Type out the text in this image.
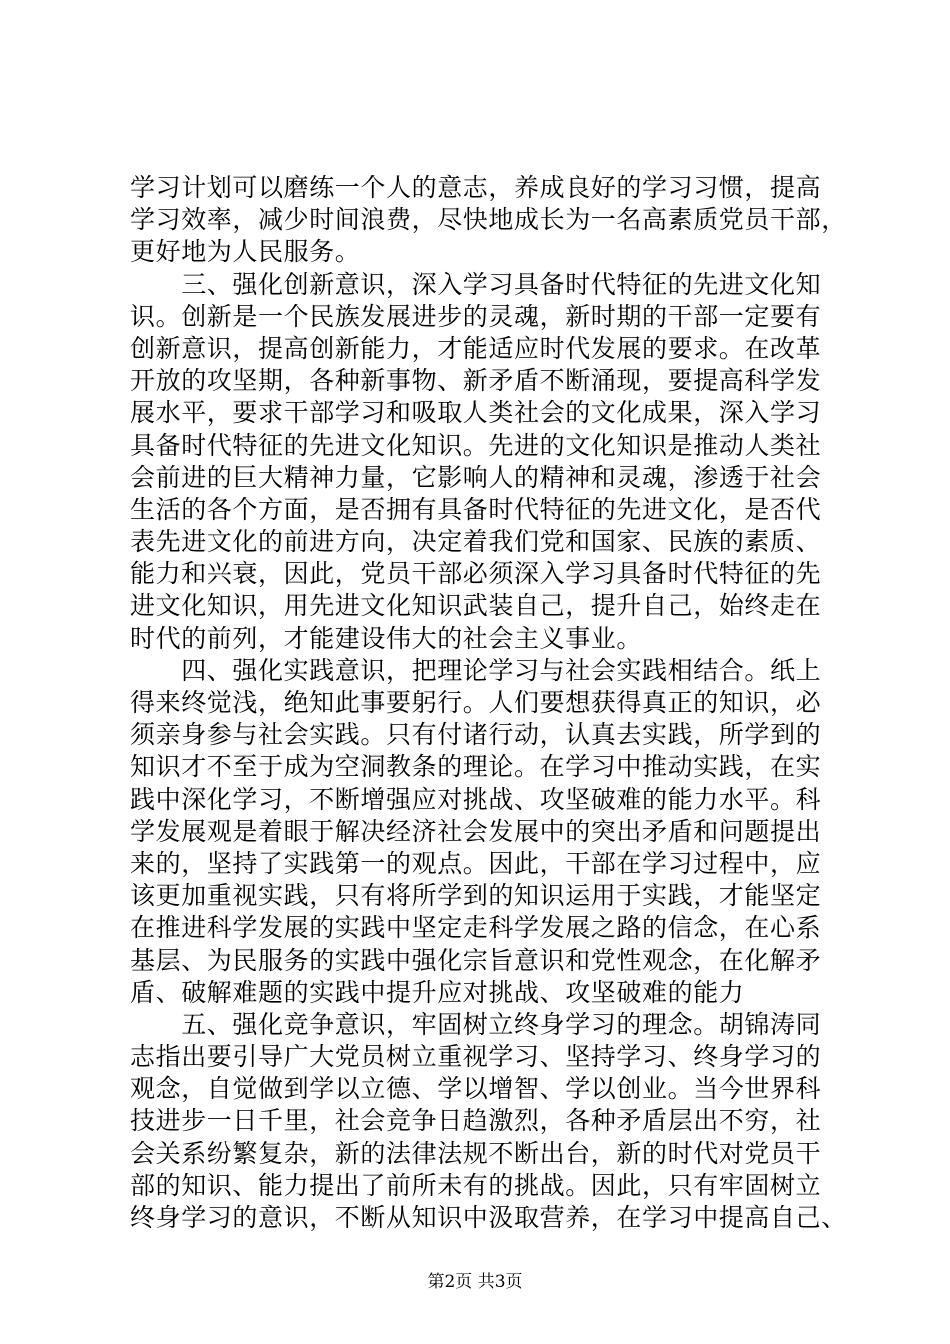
学习计划可以磨练一个人的意志，养成良好的学习习惯，提高
学习效率，减少时间浪费，尽快地成长为一名高素质党员干部，
更好地为人民服务。
　　三、强化创新意识，深入学习具备时代特征的先进文化知
识。创新是一个民族发展进步的灵魂，新时期的干部一定要有
创新意识，提高创新能力，才能适应时代发展的要求。在改革
开放的攻坚期，各种新事物、新矛盾不断涌现，要提高科学发
展水平，要求干部学习和吸取人类社会的文化成果，深入学习
具备时代特征的先进文化知识。先进的文化知识是推动人类社
会前进的巨大精神力量，它影响人的精神和灵魂，渗透于社会
生活的各个方面，是否拥有具备时代特征的先进文化，是否代
表先进文化的前进方向，决定着我们党和国家、民族的素质、
能力和兴衰，因此，党员干部必须深入学习具备时代特征的先
进文化知识，用先进文化知识武装自己，提升自己，始终走在
时代的前列，才能建设伟大的社会主义事业。
　　四、强化实践意识，把理论学习与社会实践相结合。纸上
得来终觉浅，绝知此事要躬行。人们要想获得真正的知识，必
须亲身参与社会实践。只有付诸行动，认真去实践，所学到的
知识才不至于成为空洞教条的理论。在学习中推动实践，在实
践中深化学习，不断增强应对挑战、攻坚破难的能力水平。科
学发展观是着眼于解决经济社会发展中的突出矛盾和问题提出
来的，坚持了实践第一的观点。因此，干部在学习过程中，应
该更加重视实践，只有将所学到的知识运用于实践，才能坚定
在推进科学发展的实践中坚定走科学发展之路的信念，在心系
基层、为民服务的实践中强化宗旨意识和党性观念，在化解矛
盾、破解难题的实践中提升应对挑战、攻坚破难的能力
　　五、强化竞争意识，牢固树立终身学习的理念。胡锦涛同
志指出要引导广大党员树立重视学习、坚持学习、终身学习的
观念，自觉做到学以立德、学以增智、学以创业。当今世界科
技进步一日千里，社会竞争日趋激烈，各种矛盾层出不穷，社
会关系纷繁复杂，新的法律法规不断出台，新的时代对党员干
部的知识、能力提出了前所未有的挑战。因此，只有牢固树立
终身学习的意识，不断从知识中汲取营养，在学习中提高自己、
第2页 共3页
